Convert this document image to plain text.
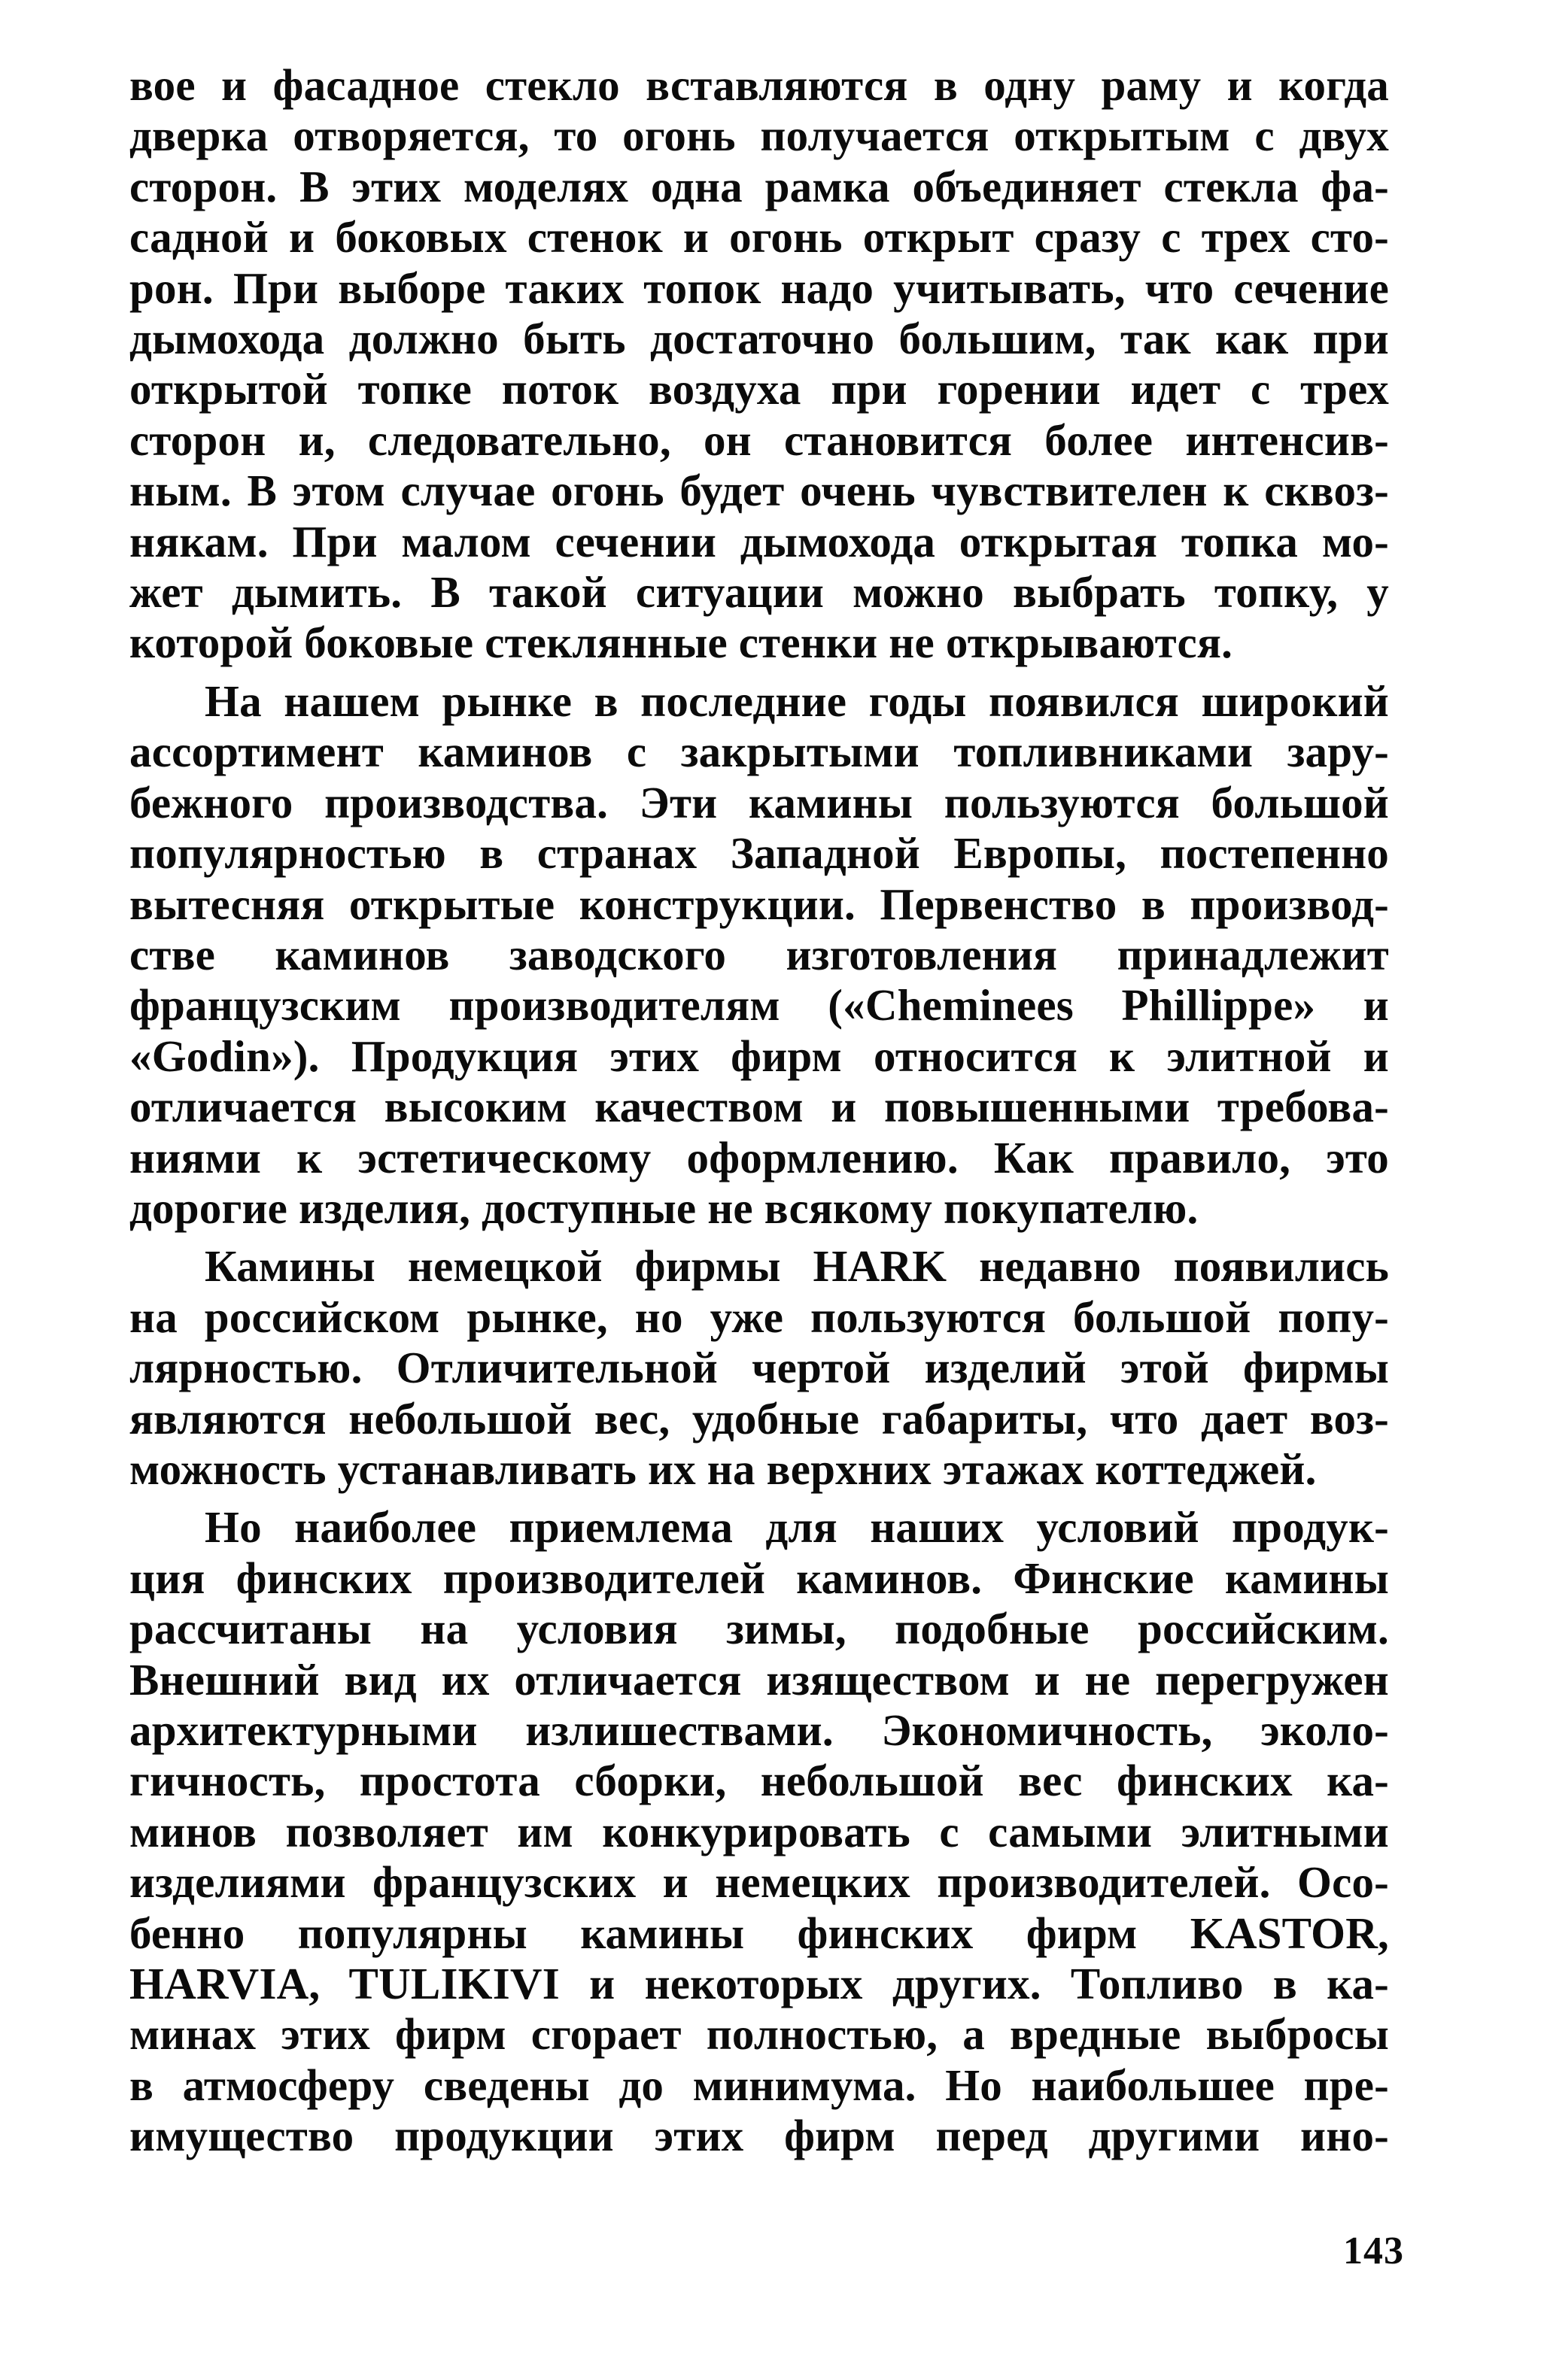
вое и фасадное стекло вставляются в одну раму и когда
дверка отворяется, то огонь получается открытым с двух
сторон. В этих моделях одна рамка объединяет стекла фа-
садной и боковых стенок и огонь открыт сразу с трех сто-
рон. При выборе таких топок надо учитывать, что сечение
дымохода должно быть достаточно большим, так как при
открытой топке поток воздуха при горении идет с трех
сторон и, следовательно, он становится более интенсив-
ным. В этом случае огонь будет очень чувствителен к сквоз-
някам. При малом сечении дымохода открытая топка мо-
жет дымить. В такой ситуации можно выбрать топку, у
которой боковые стеклянные стенки не открываются.
На нашем рынке в последние годы появился широкий
ассортимент каминов с закрытыми топливниками зару-
бежного производства. Эти камины пользуются большой
популярностью в странах Западной Европы, постепенно
вытесняя открытые конструкции. Первенство в производ-
стве каминов заводского изготовления принадлежит
французским производителям («Cheminees Phillippe» и
«Godin»). Продукция этих фирм относится к элитной и
отличается высоким качеством и повышенными требова-
ниями к эстетическому оформлению. Как правило, это
дорогие изделия, доступные не всякому покупателю.
Камины немецкой фирмы HARK недавно появились
на российском рынке, но уже пользуются большой попу-
лярностью. Отличительной чертой изделий этой фирмы
являются небольшой вес, удобные габариты, что дает воз-
можность устанавливать их на верхних этажах коттеджей.
Но наиболее приемлема для наших условий продук-
ция финских производителей каминов. Финские камины
рассчитаны на условия зимы, подобные российским.
Внешний вид их отличается изяществом и не перегружен
архитектурными излишествами. Экономичность, эколо-
гичность, простота сборки, небольшой вес финских ка-
минов позволяет им конкурировать с самыми элитными
изделиями французских и немецких производителей. Осо-
бенно популярны камины финских фирм KASTOR,
HARVIA, TULIKIVI и некоторых других. Топливо в ка-
минах этих фирм сгорает полностью, а вредные выбросы
в атмосферу сведены до минимума. Но наибольшее пре-
имущество продукции этих фирм перед другими ино-
143
